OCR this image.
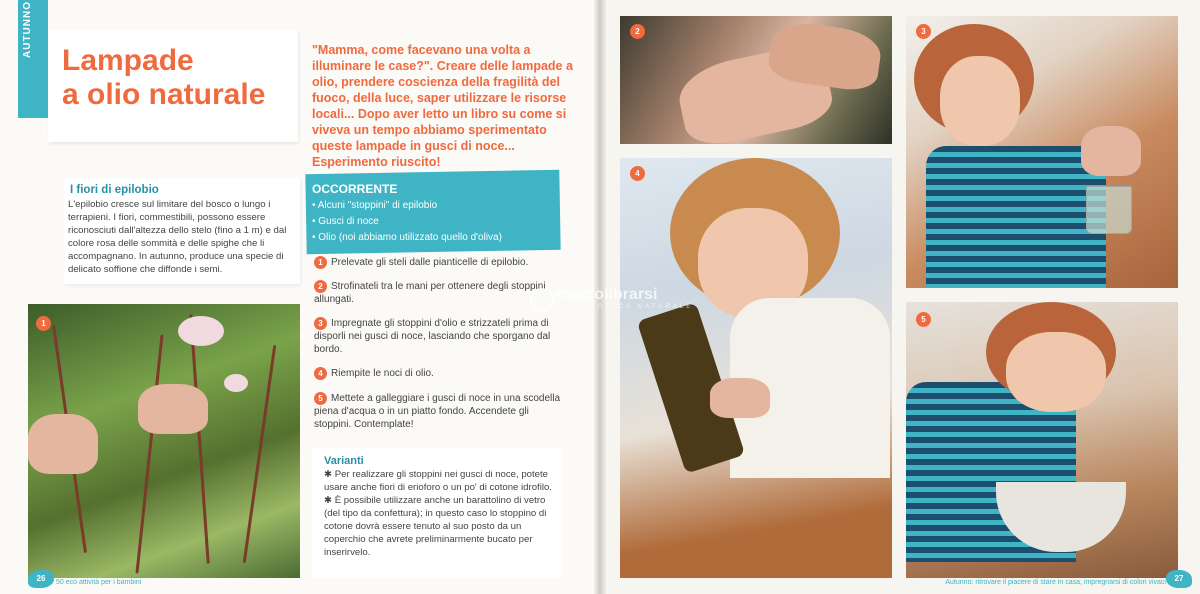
AUTUNNO
Lampade
a olio naturale
"Mamma, come facevano una volta a illuminare le case?". Creare delle lampade a olio, prendere coscienza della fragilità del fuoco, della luce, saper utilizzare le risorse locali... Dopo aver letto un libro su come si viveva un tempo abbiamo sperimentato queste lampade in gusci di noce... Esperimento riuscito!
I fiori di epilobio
L'epilobio cresce sul limitare del bosco o lungo i terrapieni. I fiori, commestibili, possono essere riconosciuti dall'altezza dello stelo (fino a 1 m) e dal colore rosa delle sommità e delle spighe che li accompagnano. In autunno, produce una specie di delicato soffione che diffonde i semi.
OCCORRENTE
• Alcuni "stoppini" di epilobio
• Gusci di noce
• Olio (noi abbiamo utilizzato quello d'oliva)
1 Prelevate gli steli dalle pianticelle di epilobio.
2 Strofinateli tra le mani per ottenere degli stoppini allungati.
3 Impregnate gli stoppini d'olio e strizzateli prima di disporli nei gusci di noce, lasciando che sporgano dal bordo.
4 Riempite le noci di olio.
5 Mettete a galleggiare i gusci di noce in una scodella piena d'acqua o in un piatto fondo. Accendete gli stoppini. Contemplate!
Varianti
✱ Per realizzare gli stoppini nei gusci di noce, potete usare anche fiori di erioforo o un po' di cotone idrofilo.
✱ È possibile utilizzare anche un barattolino di vetro (del tipo da confettura); in questo caso lo stoppino di cotone dovrà essere tenuto al suo posto da un coperchio che avrete preliminarmente bucato per inserirvelo.
1
2	3
4
5
macrolibrarsi
BIBLIOTECA NATURALE
26	50 eco attività per i bambini	Autunno: ritrovare il piacere di stare in casa, impregnarsi di colori vivaci	27
